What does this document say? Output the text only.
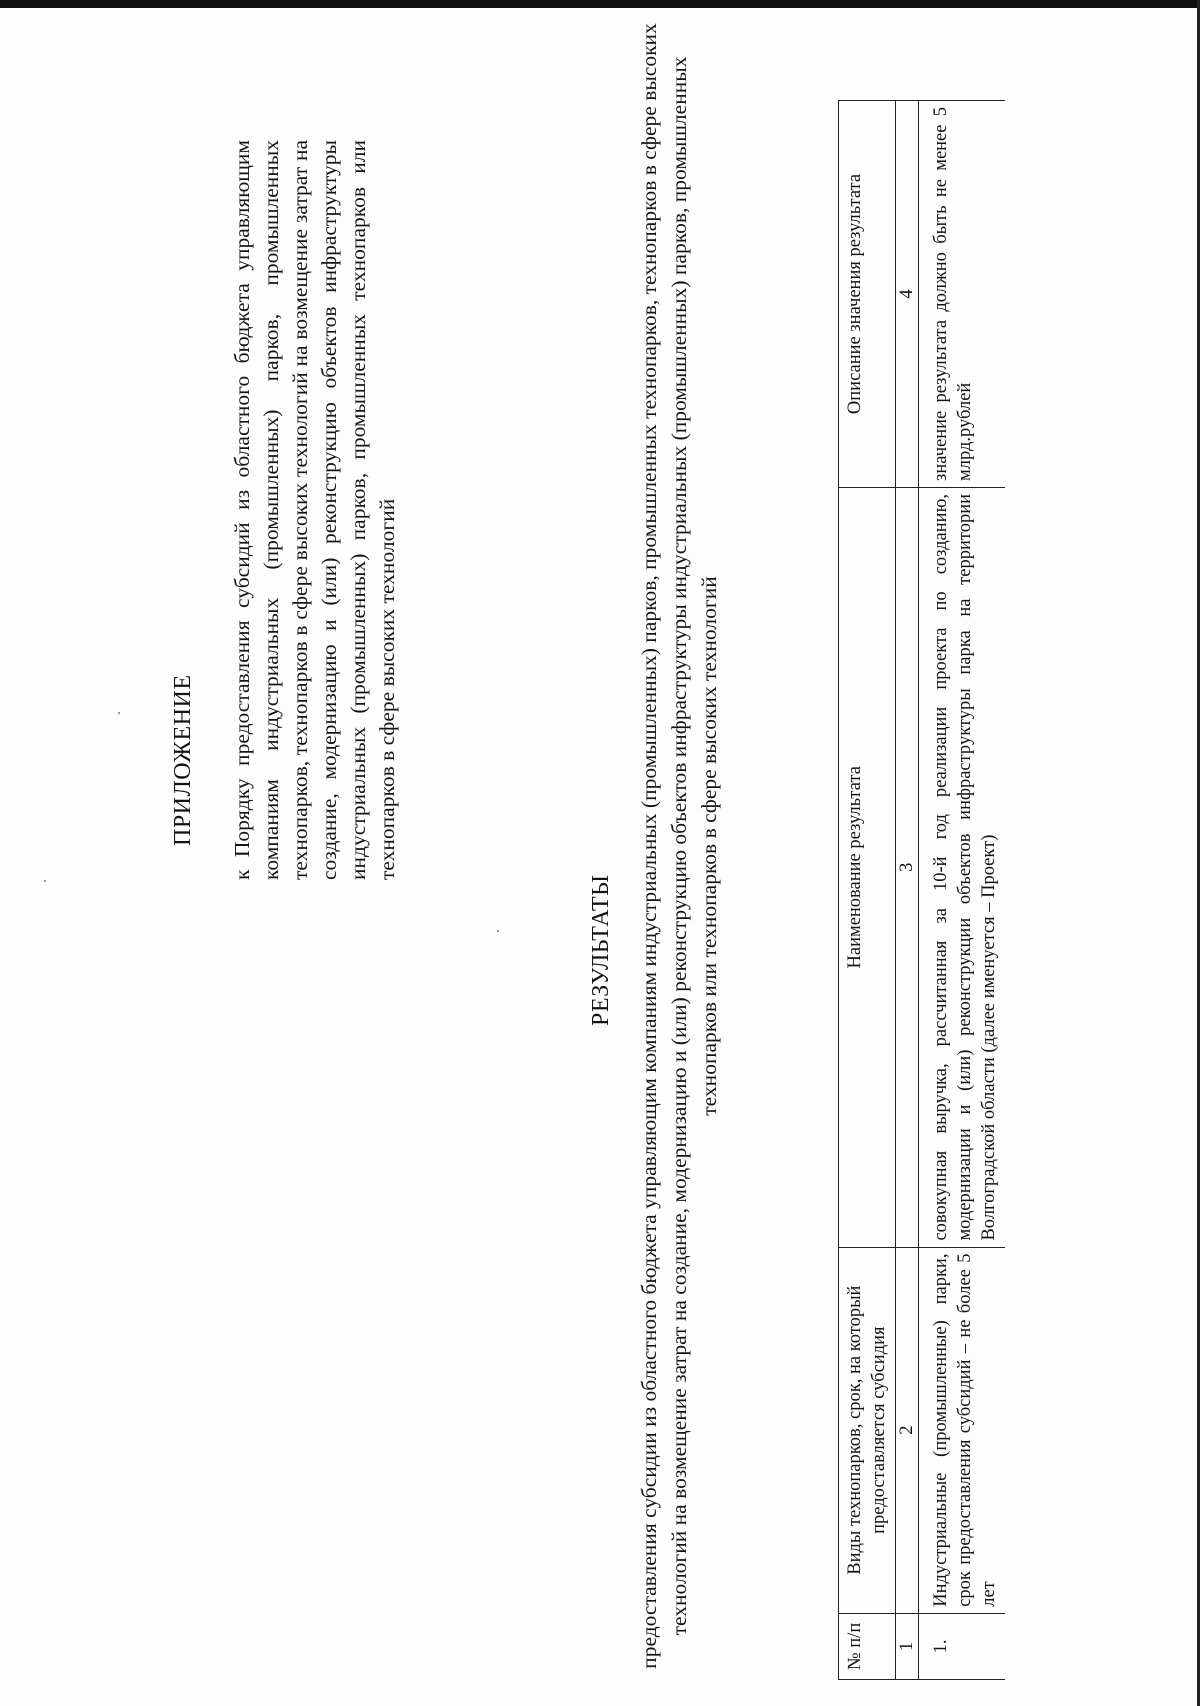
ПРИЛОЖЕНИЕ к Порядку предоставления субсидий из областного бюджета управляющим компаниям индустриальных (промышленных) парков, промышленных технопарков, технопарков в сфере высоких технологий на возмещение затрат на создание, модернизацию и (или) реконструкцию объектов инфраструктуры индустриальных (промышленных) парков, промышленных технопарков или технопарков в сфере высоких технологий
РЕЗУЛЬТАТЫ предоставления субсидии из областного бюджета управляющим компаниям индустриальных (промышленных) парков, промышленных технопарков, технопарков в сфере высоких технологий на возмещение затрат на создание, модернизацию и (или) реконструкцию объектов инфраструктуры индустриальных (промышленных) парков, промышленных технопарков или технопарков в сфере высоких технологий
№ п/п	Виды технопарков, срок, на который предоставляется субсидия	Наименование результата	Описание значения результата
1	2	3	4
1.	Индустриальные (промышленные) парки, срок предоставления субсидий – не более 5 лет	совокупная выручка, рассчитанная за 10-й год реализации проекта по созданию, модернизации и (или) реконструкции объектов инфраструктуры парка на территории Волгоградской области (далее именуется – Проект)	значение результата должно быть не менее 5 млрд.рублей
